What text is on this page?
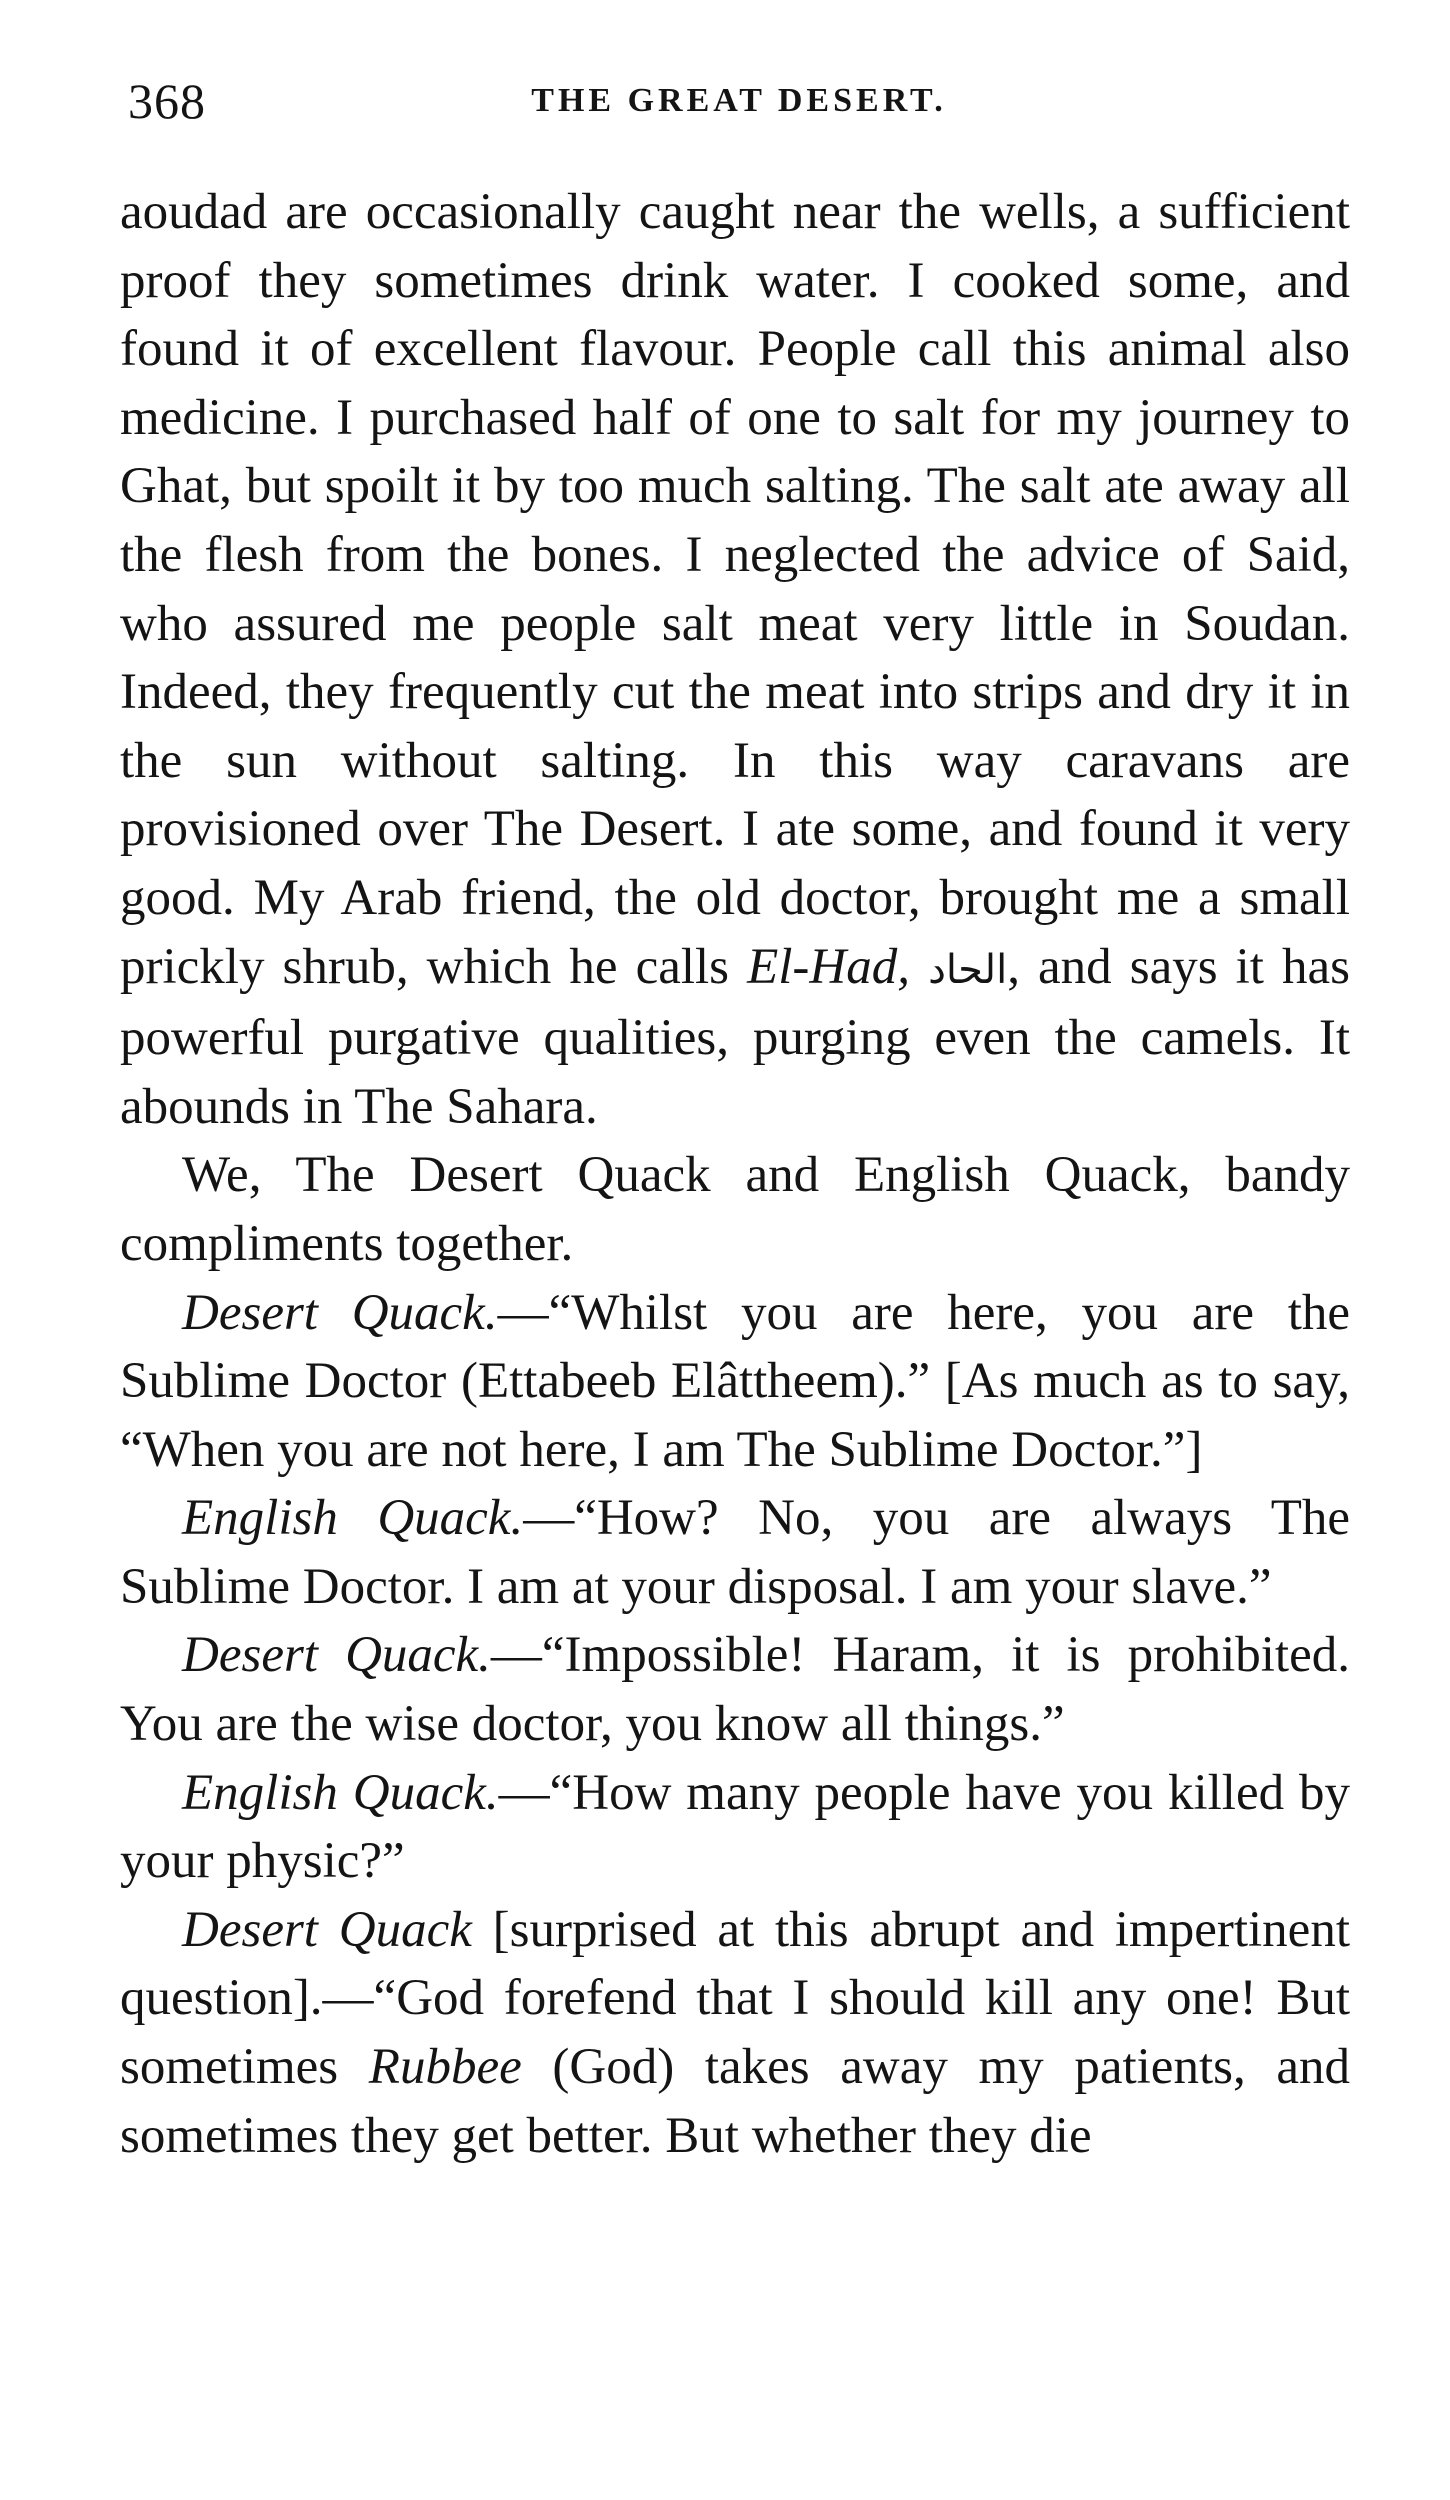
368	THE GREAT DESERT.

aoudad are occasionally caught near the wells, a sufficient proof they sometimes drink water. I cooked some, and found it of excellent flavour. People call this animal also medicine. I purchased half of one to salt for my journey to Ghat, but spoilt it by too much salting. The salt ate away all the flesh from the bones. I neglected the advice of Said, who assured me people salt meat very little in Soudan. Indeed, they frequently cut the meat into strips and dry it in the sun without salting. In this way caravans are provisioned over The Desert. I ate some, and found it very good. My Arab friend, the old doctor, brought me a small prickly shrub, which he calls El-Had, الحاد, and says it has powerful purgative qualities, purging even the camels. It abounds in The Sahara.

We, The Desert Quack and English Quack, bandy compliments together.

Desert Quack.—“Whilst you are here, you are the Sublime Doctor (Ettabeeb Elâttheem).” [As much as to say, “When you are not here, I am The Sublime Doctor.”]

English Quack.—“How? No, you are always The Sublime Doctor. I am at your disposal. I am your slave.”

Desert Quack.—“Impossible! Haram, it is prohibited. You are the wise doctor, you know all things.”

English Quack.—“How many people have you killed by your physic?”

Desert Quack [surprised at this abrupt and impertinent question].—“God forefend that I should kill any one! But sometimes Rubbee (God) takes away my patients, and sometimes they get better. But whether they die
